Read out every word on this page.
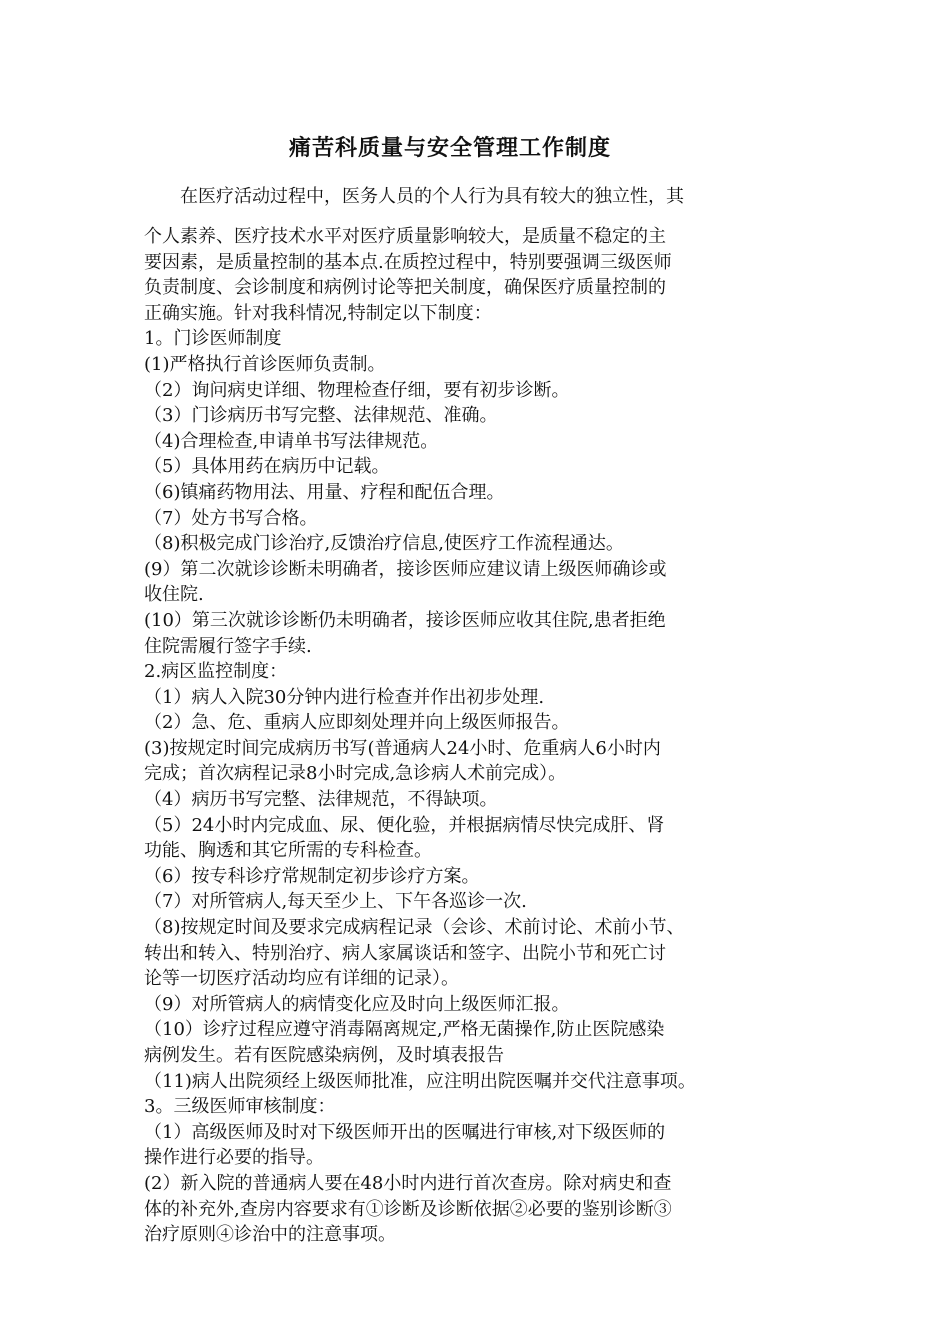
痛苦科质量与安全管理工作制度
在医疗活动过程中，医务人员的个人行为具有较大的独立性，其
个人素养、医疗技术水平对医疗质量影响较大，是质量不稳定的主
要因素，是质量控制的基本点.在质控过程中，特别要强调三级医师
负责制度、会诊制度和病例讨论等把关制度，确保医疗质量控制的
正确实施。针对我科情况,特制定以下制度：
1。门诊医师制度
(1)严格执行首诊医师负责制。
（2）询问病史详细、物理检查仔细，要有初步诊断。
（3）门诊病历书写完整、法律规范、准确。
（4)合理检查,申请单书写法律规范。
（5）具体用药在病历中记载。
（6)镇痛药物用法、用量、疗程和配伍合理。
（7）处方书写合格。
（8)积极完成门诊治疗,反馈治疗信息,使医疗工作流程通达。
(9）第二次就诊诊断未明确者，接诊医师应建议请上级医师确诊或
收住院.
(10）第三次就诊诊断仍未明确者，接诊医师应收其住院,患者拒绝
住院需履行签字手续.
2.病区监控制度：
（1）病人入院30分钟内进行检查并作出初步处理.
（2）急、危、重病人应即刻处理并向上级医师报告。
(3)按规定时间完成病历书写(普通病人24小时、危重病人6小时内
完成；首次病程记录8小时完成,急诊病人术前完成）。
（4）病历书写完整、法律规范，不得缺项。
（5）24小时内完成血、尿、便化验，并根据病情尽快完成肝、肾
功能、胸透和其它所需的专科检查。
（6）按专科诊疗常规制定初步诊疗方案。
（7）对所管病人,每天至少上、下午各巡诊一次.
（8)按规定时间及要求完成病程记录（会诊、术前讨论、术前小节、
转出和转入、特别治疗、病人家属谈话和签字、出院小节和死亡讨
论等一切医疗活动均应有详细的记录）。
（9）对所管病人的病情变化应及时向上级医师汇报。
（10）诊疗过程应遵守消毒隔离规定,严格无菌操作,防止医院感染
病例发生。若有医院感染病例，及时填表报告
（11)病人出院须经上级医师批准，应注明出院医嘱并交代注意事项。
3。三级医师审核制度：
（1）高级医师及时对下级医师开出的医嘱进行审核,对下级医师的
操作进行必要的指导。
(2）新入院的普通病人要在48小时内进行首次查房。除对病史和查
体的补充外,查房内容要求有①诊断及诊断依据②必要的鉴别诊断③
治疗原则④诊治中的注意事项。
